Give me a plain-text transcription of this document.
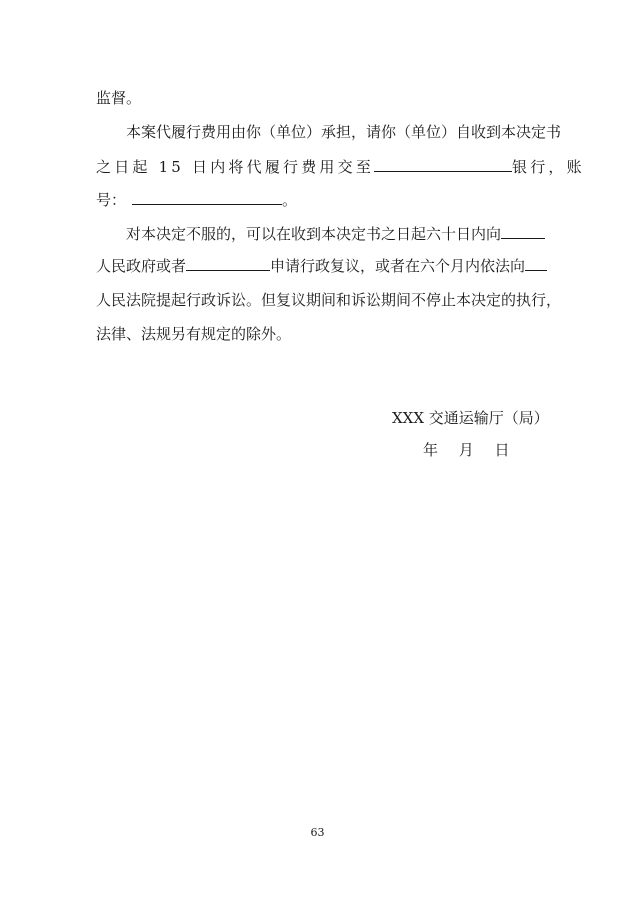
监督。
本案代履行费用由你（单位）承担，请你（单位）自收到本决定书
之日起 15 日内将代履行费用交至	银行，账
号：	。
对本决定不服的，可以在收到本决定书之日起六十日内向
人民政府或者	申请行政复议，或者在六个月内依法向
人民法院提起行政诉讼。但复议期间和诉讼期间不停止本决定的执行，
法律、法规另有规定的除外。
XXX 交通运输厅（局）
年 月 日
63
